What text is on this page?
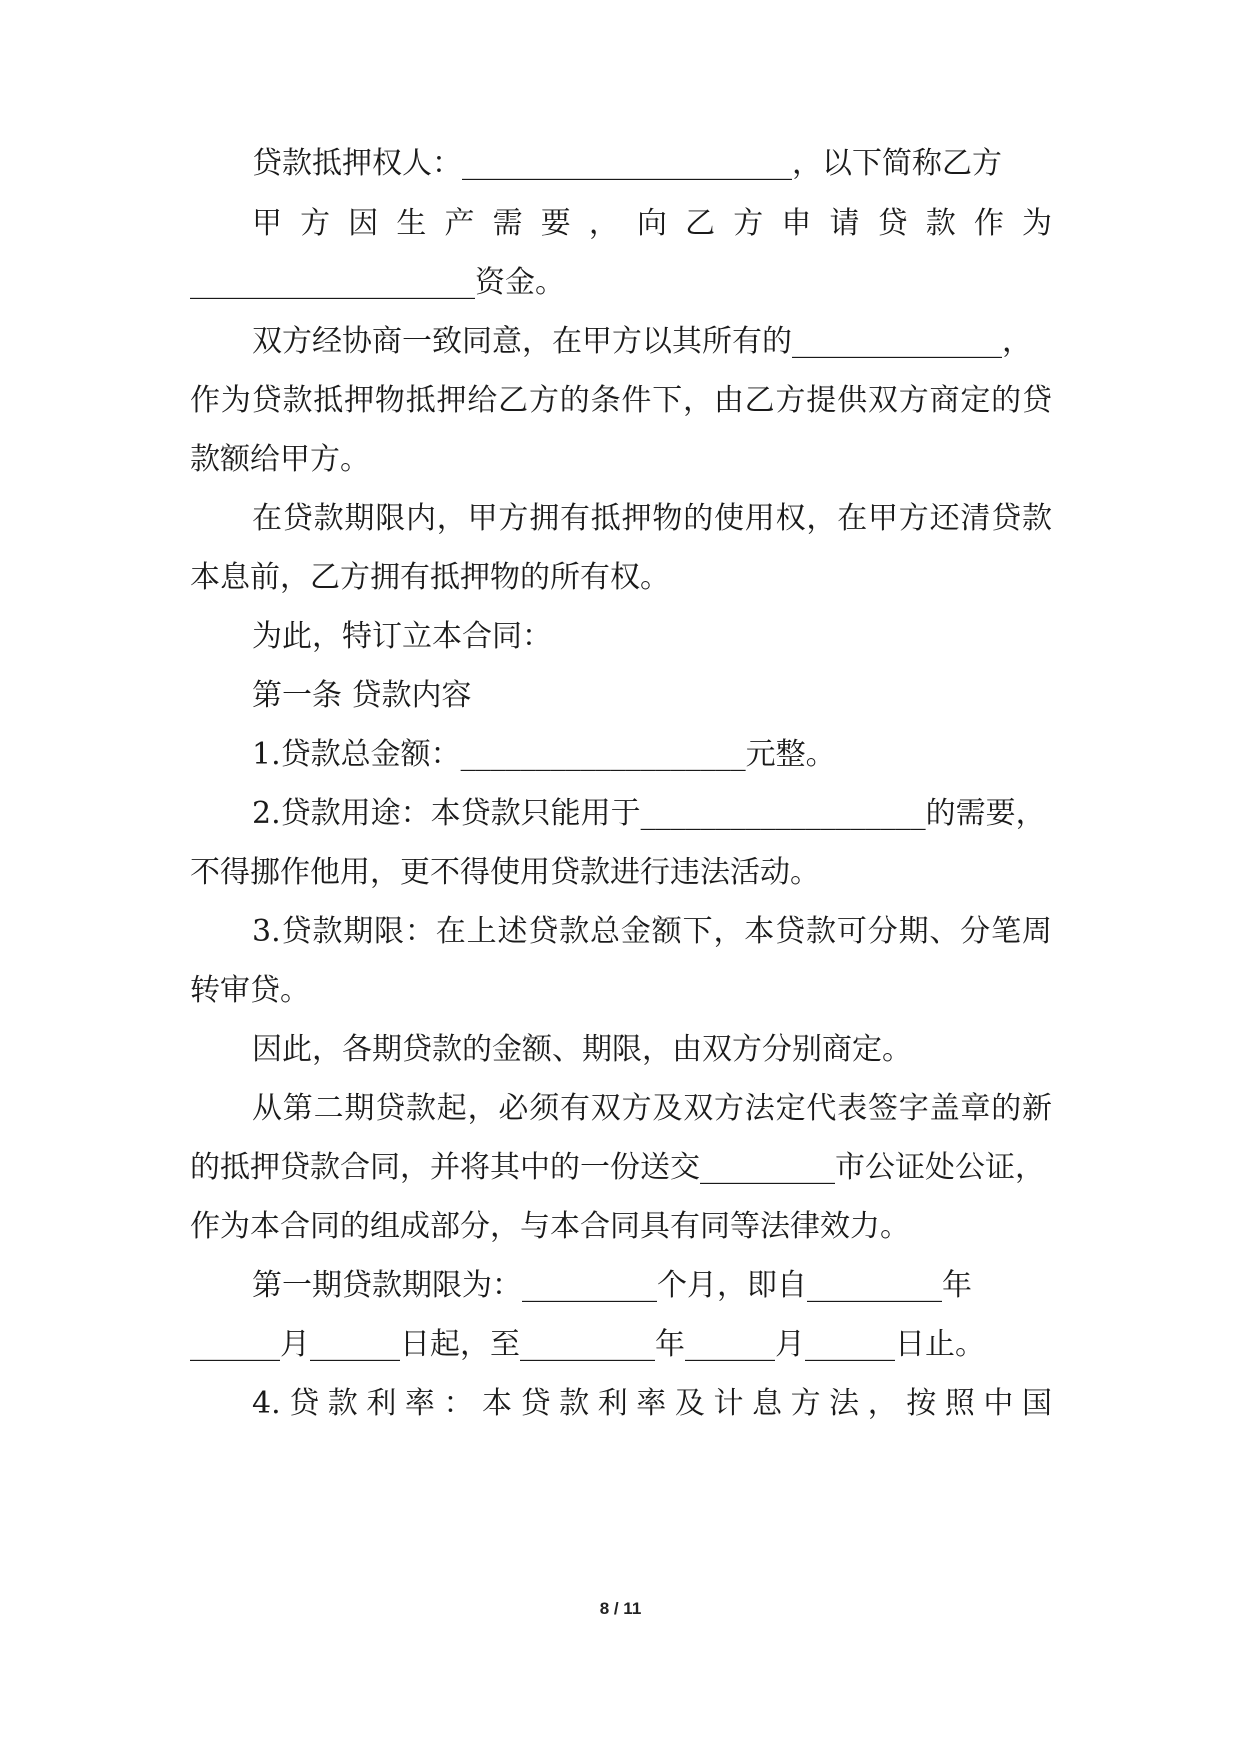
贷款抵押权人：______________________，以下简称乙方
甲方因生产需要，向乙方申请贷款作为
___________________资金。
双方经协商一致同意，在甲方以其所有的______________，
作为贷款抵押物抵押给乙方的条件下，由乙方提供双方商定的贷
款额给甲方。
在贷款期限内，甲方拥有抵押物的使用权，在甲方还清贷款
本息前，乙方拥有抵押物的所有权。
为此，特订立本合同：
第一条 贷款内容
1.贷款总金额：___________________元整。
2.贷款用途：本贷款只能用于___________________的需要，
不得挪作他用，更不得使用贷款进行违法活动。
3.贷款期限：在上述贷款总金额下，本贷款可分期、分笔周
转审贷。
因此，各期贷款的金额、期限，由双方分别商定。
从第二期贷款起，必须有双方及双方法定代表签字盖章的新
的抵押贷款合同，并将其中的一份送交_________市公证处公证，
作为本合同的组成部分，与本合同具有同等法律效力。
第一期贷款期限为：_________个月，即自_________年
______月______日起，至_________年______月______日止。
4.贷款利率：本贷款利率及计息方法，按照中国
8 / 11
